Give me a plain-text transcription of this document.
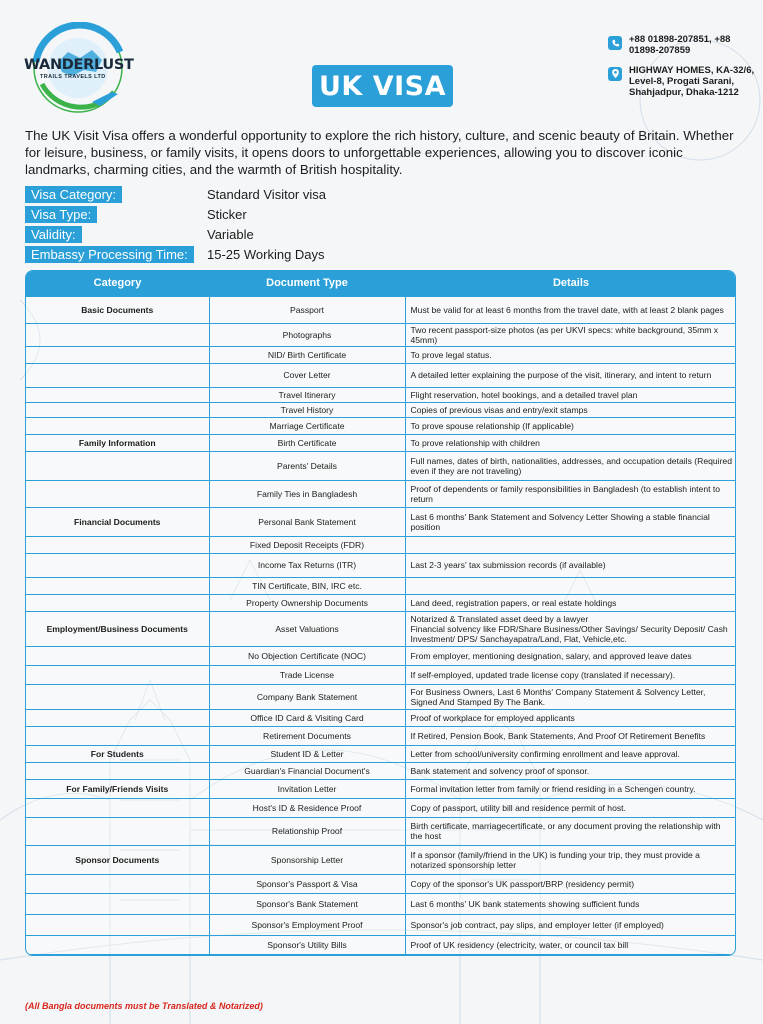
WANDERLUST
TRAILS TRAVELS LTD	UK VISA
+88 01898-207851, +88 01898-207859
HIGHWAY HOMES, KA-32/6, Level-8, Progati Sarani, Shahjadpur, Dhaka-1212

The UK Visit Visa offers a wonderful opportunity to explore the rich history, culture, and scenic beauty of Britain. Whether for leisure, business, or family visits, it opens doors to unforgettable experiences, allowing you to discover iconic landmarks, charming cities, and the warmth of British hospitality.

Visa Category:	Standard Visitor visa
Visa Type:	Sticker
Validity:	Variable
Embassy Processing Time:	15-25 Working Days
Category	Document Type	Details
Basic Documents	Passport	Must be valid for at least 6 months from the travel date, with at least 2 blank pages
	Photographs	Two recent passport-size photos (as per UKVI specs: white background, 35mm x 45mm)
	NID/ Birth Certificate	To prove legal status.
	Cover Letter	A detailed letter explaining the purpose of the visit, itinerary, and intent to return
	Travel Itinerary	Flight reservation, hotel bookings, and a detailed travel plan
	Travel History	Copies of previous visas and entry/exit stamps
	Marriage Certificate	To prove spouse relationship (If applicable)
Family Information	Birth Certificate	To prove relationship with children
	Parents' Details	Full names, dates of birth, nationalities, addresses, and occupation details (Required even if they are not traveling)
	Family Ties in Bangladesh	Proof of dependents or family responsibilities in Bangladesh (to establish intent to return
Financial Documents	Personal Bank Statement	Last 6 months' Bank Statement and Solvency Letter Showing a stable financial position
	Fixed Deposit Receipts (FDR)	
	Income Tax Returns (ITR)	Last 2-3 years' tax submission records (if available)
	TIN Certificate, BIN, IRC etc.	
	Property Ownership Documents	Land deed, registration papers, or real estate holdings
Employment/Business Documents	Asset Valuations	Notarized & Translated asset deed by a lawyer
Financial solvency like FDR/Share Business/Other Savings/ Security Deposit/ Cash Investment/ DPS/ Sanchayapatra/Land, Flat, Vehicle,etc.
	No Objection Certificate (NOC)	From employer, mentioning designation, salary, and approved leave dates
	Trade License	If self-employed, updated trade license copy (translated if necessary).
	Company Bank Statement	For Business Owners, Last 6 Months' Company Statement & Solvency Letter, Signed And Stamped By The Bank.
	Office ID Card & Visiting Card	Proof of workplace for employed applicants
	Retirement Documents	If Retired, Pension Book, Bank Statements, And Proof Of Retirement Benefits
For Students	Student ID & Letter	Letter from school/university confirming enrollment and leave approval.
	Guardian's Financial Document's	Bank statement and solvency proof of sponsor.
For Family/Friends Visits	Invitation Letter	Formal invitation letter from family or friend residing in a Schengen country.
	Host's ID & Residence Proof	Copy of passport, utility bill and residence permit of host.
	Relationship Proof	Birth certificate, marriagecertificate, or any document proving the relationship with the host
Sponsor Documents	Sponsorship Letter	If a sponsor (family/friend in the UK) is funding your trip, they must provide a notarized sponsorship letter
	Sponsor's Passport & Visa	Copy of the sponsor's UK passport/BRP (residency permit)
	Sponsor's Bank Statement	Last 6 months' UK bank statements showing sufficient funds
	Sponsor's Employment Proof	Sponsor's job contract, pay slips, and employer letter (if employed)
	Sponsor's Utility Bills	Proof of UK residency (electricity, water, or council tax bill
(All Bangla documents must be Translated & Notarized)
